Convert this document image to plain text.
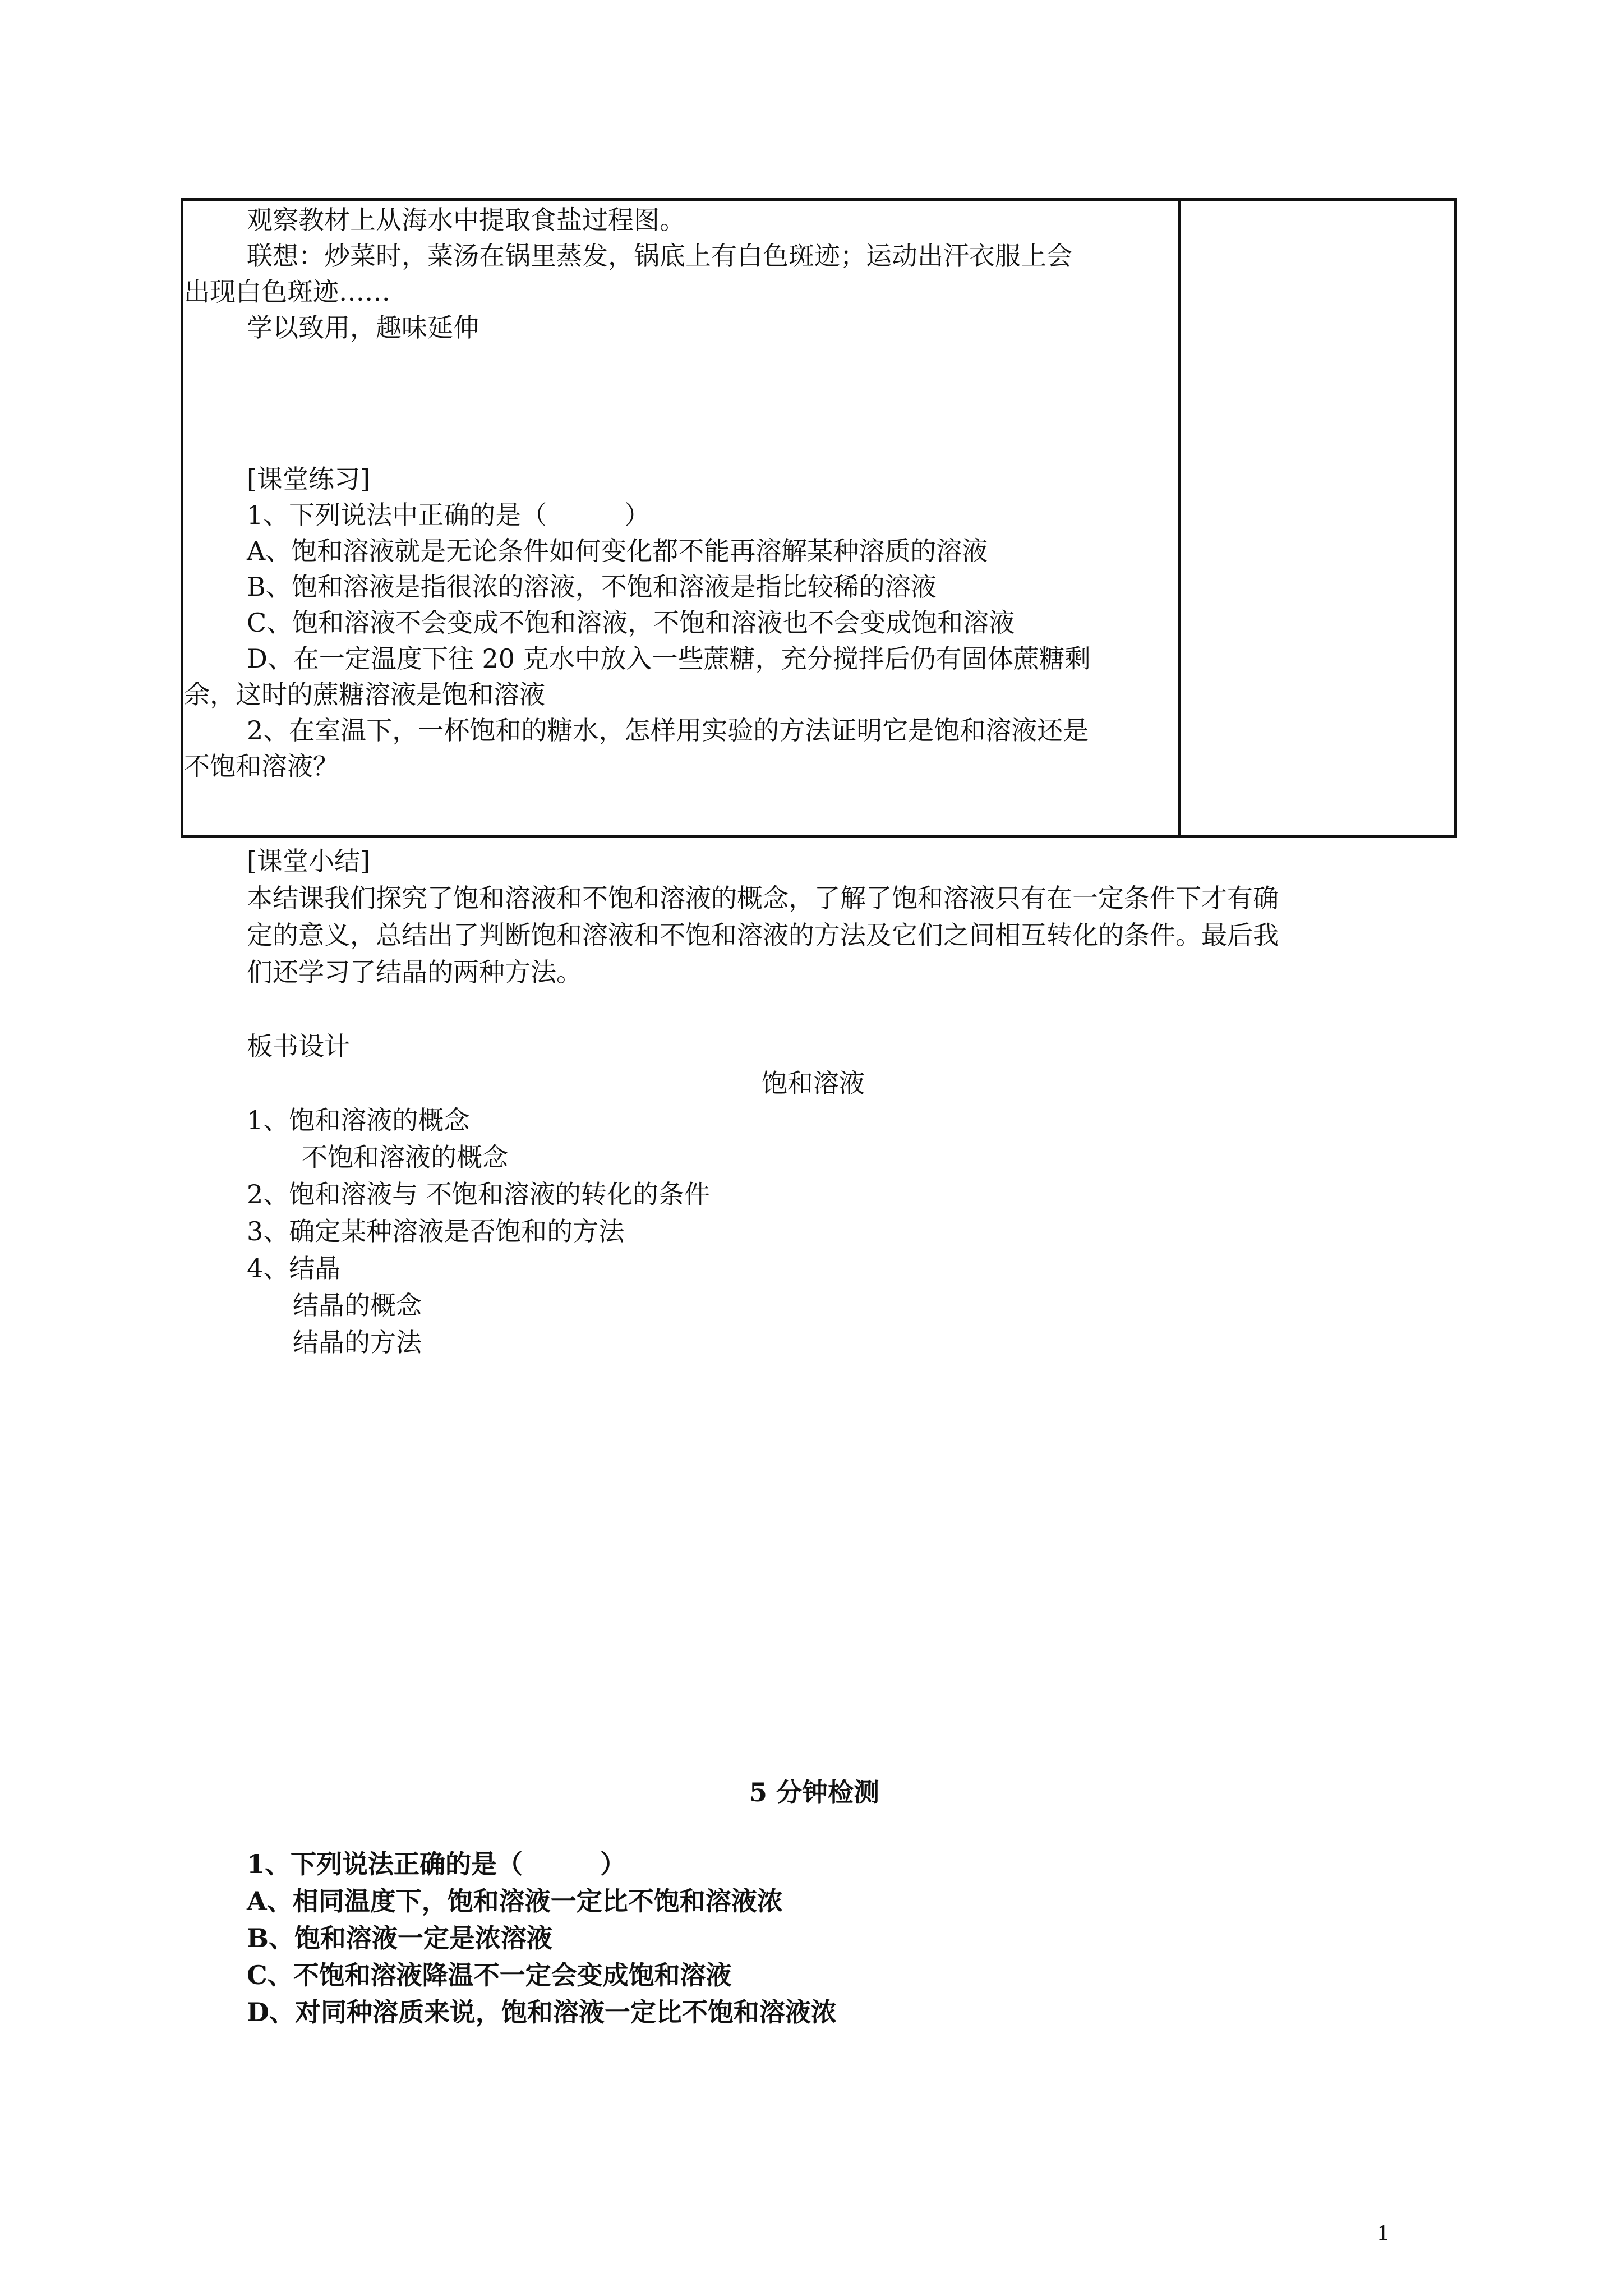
观察教材上从海水中提取食盐过程图。
联想：炒菜时，菜汤在锅里蒸发，锅底上有白色斑迹；运动出汗衣服上会
出现白色斑迹……
学以致用，趣味延伸
[课堂练习]
1、下列说法中正确的是（　　　）
A、饱和溶液就是无论条件如何变化都不能再溶解某种溶质的溶液
B、饱和溶液是指很浓的溶液，不饱和溶液是指比较稀的溶液
C、饱和溶液不会变成不饱和溶液，不饱和溶液也不会变成饱和溶液
D、在一定温度下往 20 克水中放入一些蔗糖，充分搅拌后仍有固体蔗糖剩
余，这时的蔗糖溶液是饱和溶液
2、在室温下，一杯饱和的糖水，怎样用实验的方法证明它是饱和溶液还是
不饱和溶液？
[课堂小结]
本结课我们探究了饱和溶液和不饱和溶液的概念，了解了饱和溶液只有在一定条件下才有确
定的意义，总结出了判断饱和溶液和不饱和溶液的方法及它们之间相互转化的条件。最后我
们还学习了结晶的两种方法。
板书设计
饱和溶液
1、饱和溶液的概念
不饱和溶液的概念
2、饱和溶液与 不饱和溶液的转化的条件
3、确定某种溶液是否饱和的方法
4、结晶
结晶的概念
结晶的方法
5 分钟检测
1、下列说法正确的是（　　　）
A、相同温度下，饱和溶液一定比不饱和溶液浓
B、饱和溶液一定是浓溶液
C、不饱和溶液降温不一定会变成饱和溶液
D、对同种溶质来说，饱和溶液一定比不饱和溶液浓
1
